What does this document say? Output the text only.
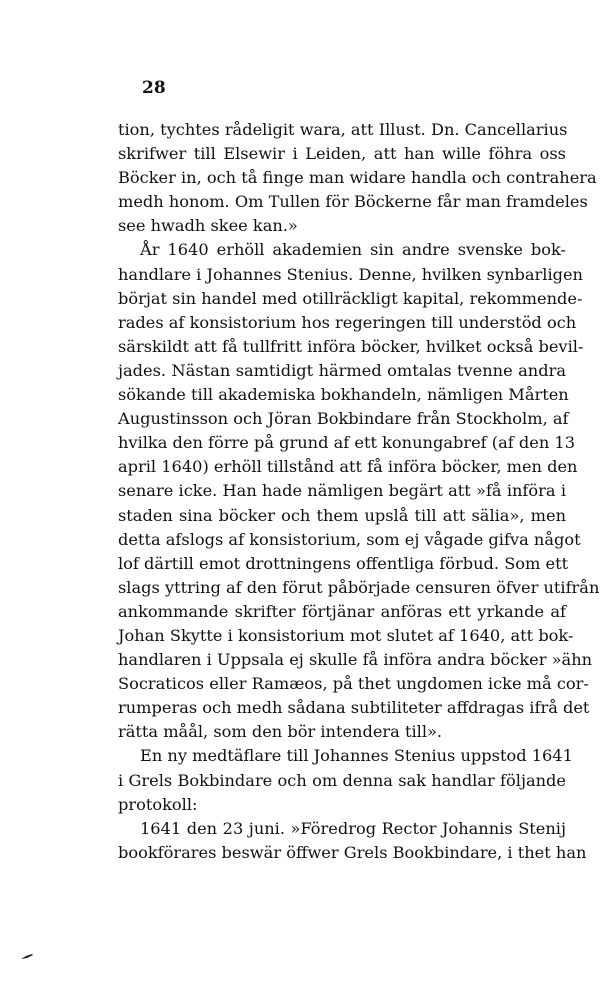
28
tion, tychtes rådeligit wara, att Illust. Dn. Cancellarius
skrifwer till Elsewir i Leiden, att han wille föhra oss
Böcker in, och tå finge man widare handla och contrahera
medh honom. Om Tullen för Böckerne får man framdeles
see hwadh skee kan.»
År 1640 erhöll akademien sin andre svenske bok-
handlare i Johannes Stenius. Denne, hvilken synbarligen
börjat sin handel med otillräckligt kapital, rekommende-
rades af konsistorium hos regeringen till understöd och
särskildt att få tullfritt införa böcker, hvilket också bevil-
jades. Nästan samtidigt härmed omtalas tvenne andra
sökande till akademiska bokhandeln, nämligen Mårten
Augustinsson och Jöran Bokbindare från Stockholm, af
hvilka den förre på grund af ett konungabref (af den 13
april 1640) erhöll tillstånd att få införa böcker, men den
senare icke. Han hade nämligen begärt att »få införa i
staden sina böcker och them upslå till att sälia», men
detta afslogs af konsistorium, som ej vågade gifva något
lof därtill emot drottningens offentliga förbud. Som ett
slags yttring af den förut påbörjade censuren öfver utifrån
ankommande skrifter förtjänar anföras ett yrkande af
Johan Skytte i konsistorium mot slutet af 1640, att bok-
handlaren i Uppsala ej skulle få införa andra böcker »ähn
Socraticos eller Ramæos, på thet ungdomen icke må cor-
rumperas och medh sådana subtiliteter affdragas ifrå det
rätta måål, som den bör intendera till».
En ny medtäflare till Johannes Stenius uppstod 1641
i Grels Bokbindare och om denna sak handlar följande
protokoll:
1641 den 23 juni. »Föredrog Rector Johannis Stenij
bookförares beswär öffwer Grels Bookbindare, i thet han
